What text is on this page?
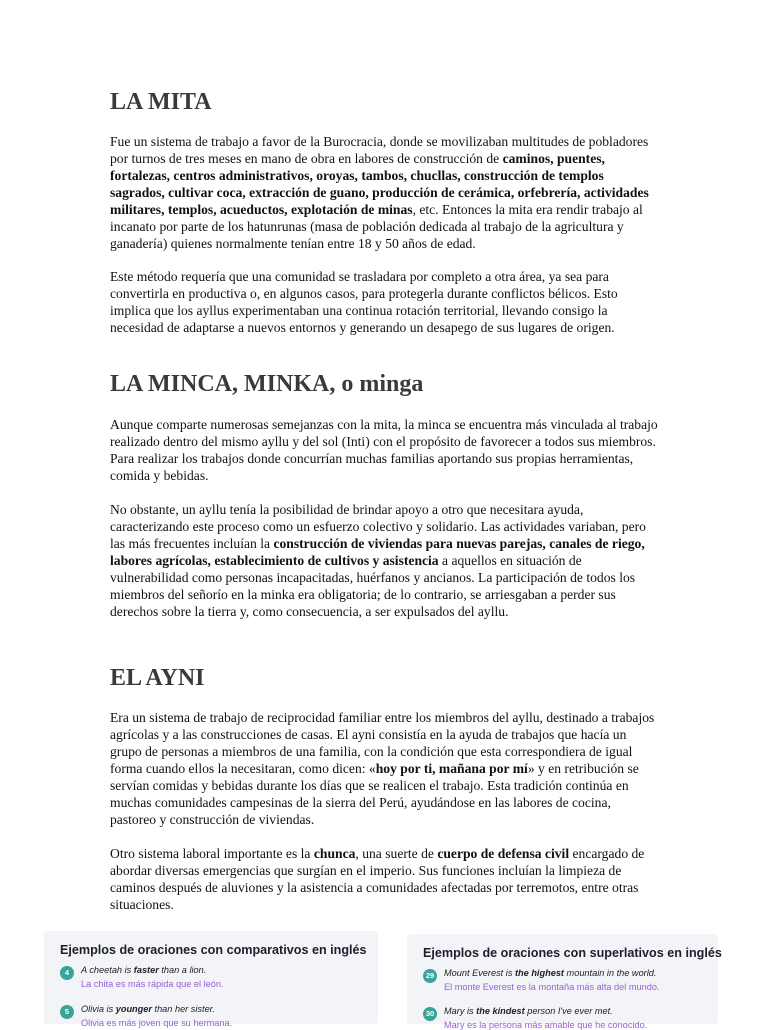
LA MITA

Fue un sistema de trabajo a favor de la Burocracia, donde se movilizaban multitudes de pobladores por turnos de tres meses en mano de obra en labores de construcción de caminos, puentes, fortalezas, centros administrativos, oroyas, tambos, chucllas, construcción de templos sagrados, cultivar coca, extracción de guano, producción de cerámica, orfebrería, actividades militares, templos, acueductos, explotación de minas, etc. Entonces la mita era rendir trabajo al incanato por parte de los hatunrunas (masa de población dedicada al trabajo de la agricultura y ganadería) quienes normalmente tenían entre 18 y 50 años de edad.

Este método requería que una comunidad se trasladara por completo a otra área, ya sea para convertirla en productiva o, en algunos casos, para protegerla durante conflictos bélicos. Esto implica que los ayllus experimentaban una continua rotación territorial, llevando consigo la necesidad de adaptarse a nuevos entornos y generando un desapego de sus lugares de origen.

LA MINCA, MINKA, o minga

Aunque comparte numerosas semejanzas con la mita, la minca se encuentra más vinculada al trabajo realizado dentro del mismo ayllu y del sol (Inti) con el propósito de favorecer a todos sus miembros. Para realizar los trabajos donde concurrían muchas familias aportando sus propias herramientas, comida y bebidas.

No obstante, un ayllu tenía la posibilidad de brindar apoyo a otro que necesitara ayuda, caracterizando este proceso como un esfuerzo colectivo y solidario. Las actividades variaban, pero las más frecuentes incluían la construcción de viviendas para nuevas parejas, canales de riego, labores agrícolas, establecimiento de cultivos y asistencia a aquellos en situación de vulnerabilidad como personas incapacitadas, huérfanos y ancianos. La participación de todos los miembros del señorío en la minka era obligatoria; de lo contrario, se arriesgaban a perder sus derechos sobre la tierra y, como consecuencia, a ser expulsados del ayllu.

EL AYNI

Era un sistema de trabajo de reciprocidad familiar entre los miembros del ayllu, destinado a trabajos agrícolas y a las construcciones de casas. El ayni consistía en la ayuda de trabajos que hacía un grupo de personas a miembros de una familia, con la condición que esta correspondiera de igual forma cuando ellos la necesitaran, como dicen: «hoy por ti, mañana por mí» y en retribución se servían comidas y bebidas durante los días que se realicen el trabajo. Esta tradición continúa en muchas comunidades campesinas de la sierra del Perú, ayudándose en las labores de cocina, pastoreo y construcción de viviendas.

Otro sistema laboral importante es la chunca, una suerte de cuerpo de defensa civil encargado de abordar diversas emergencias que surgían en el imperio. Sus funciones incluían la limpieza de caminos después de aluviones y la asistencia a comunidades afectadas por terremotos, entre otras situaciones.

Ejemplos de oraciones con comparativos en inglés
4	A cheetah is faster than a lion.
La chita es más rápida que el león.
5	Olivia is younger than her sister.
Olivia es más joven que su hermana.
Ejemplos de oraciones con superlativos en inglés
29	Mount Everest is the highest mountain in the world.
El monte Everest es la montaña más alta del mundo.
30	Mary is the kindest person I've ever met.
Mary es la persona más amable que he conocido.
